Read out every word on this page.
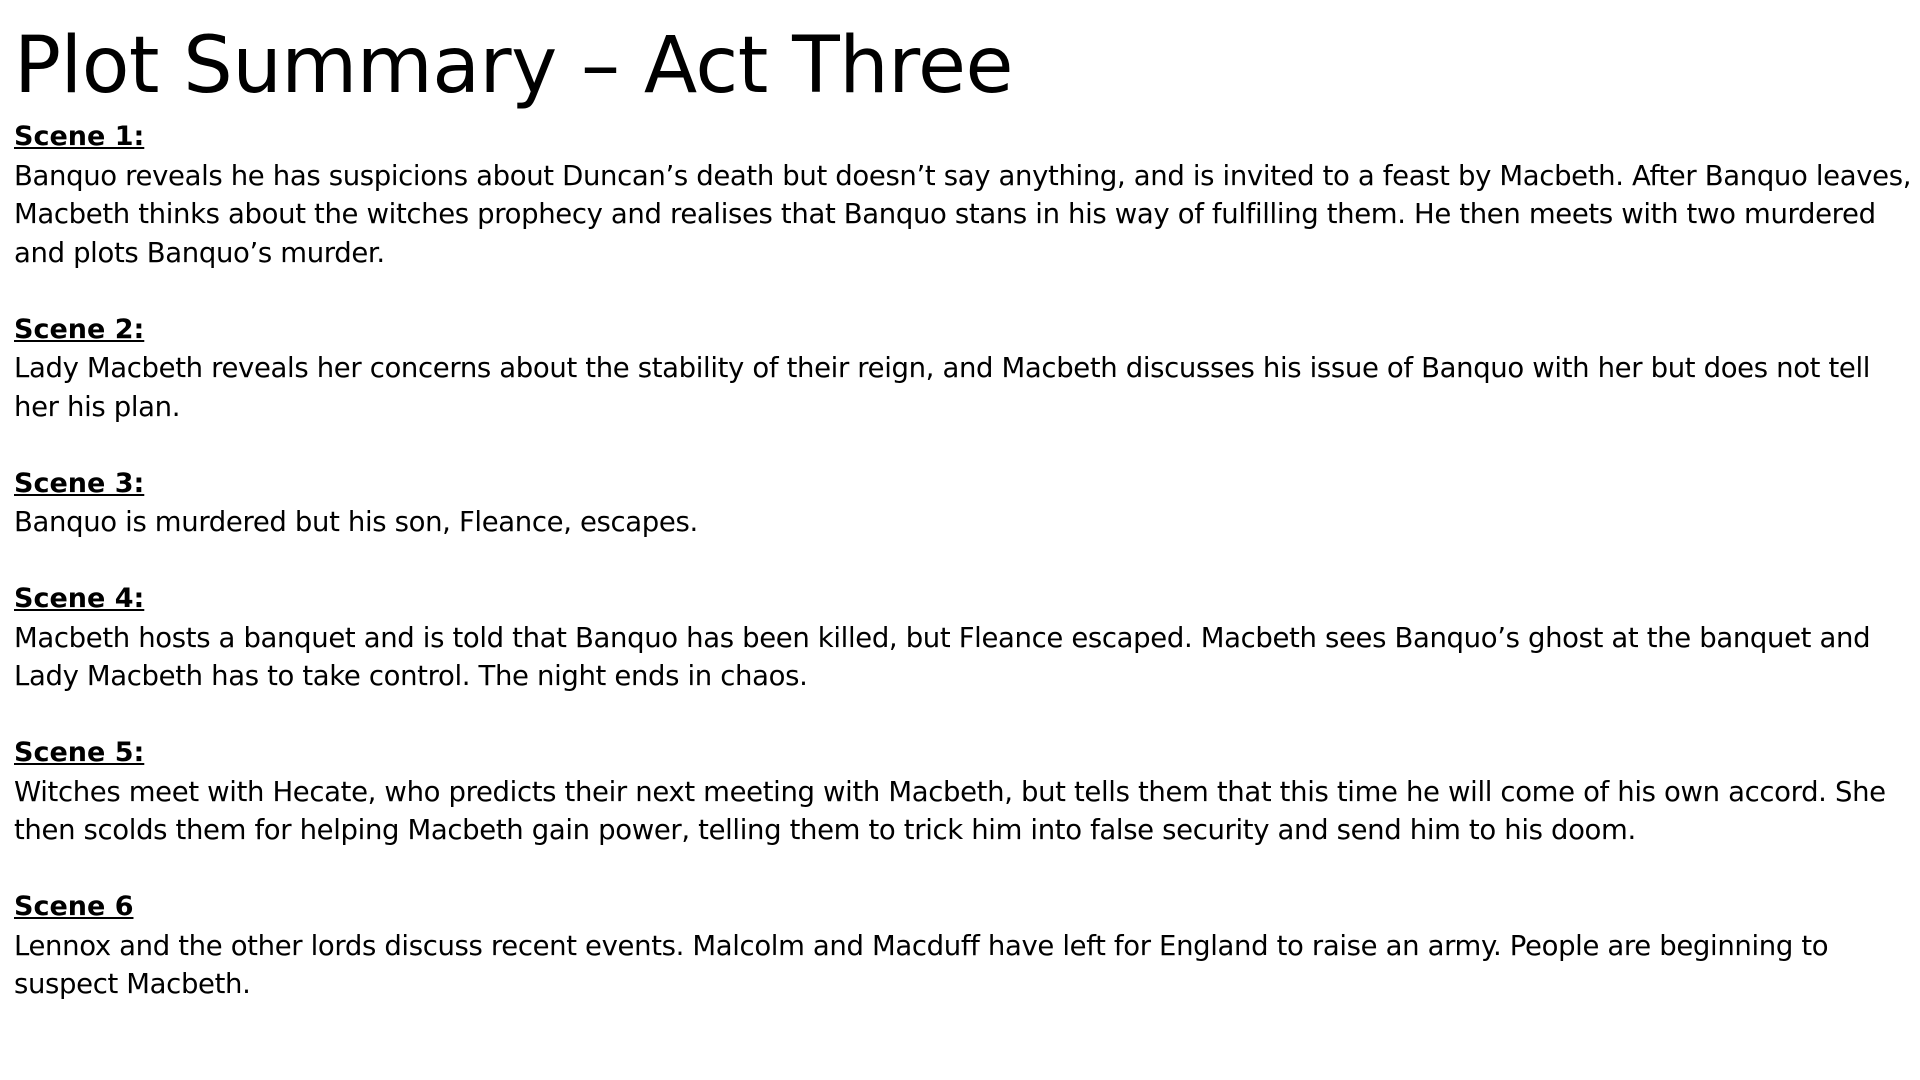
Plot Summary – Act Three
Scene 1:

Banquo reveals he has suspicions about Duncan’s death but doesn’t say anything, and is invited to a feast by Macbeth. After Banquo leaves, Macbeth thinks about the witches prophecy and realises that Banquo stans in his way of fulfilling them. He then meets with two murdered and plots Banquo’s murder.

Scene 2:

Lady Macbeth reveals her concerns about the stability of their reign, and Macbeth discusses his issue of Banquo with her but does not tell her his plan.

Scene 3:

Banquo is murdered but his son, Fleance, escapes.

Scene 4:

Macbeth hosts a banquet and is told that Banquo has been killed, but Fleance escaped. Macbeth sees Banquo’s ghost at the banquet and Lady Macbeth has to take control. The night ends in chaos.

Scene 5:

Witches meet with Hecate, who predicts their next meeting with Macbeth, but tells them that this time he will come of his own accord. She then scolds them for helping Macbeth gain power, telling them to trick him into false security and send him to his doom.

Scene 6

Lennox and the other lords discuss recent events. Malcolm and Macduff have left for England to raise an army. People are beginning to suspect Macbeth.
